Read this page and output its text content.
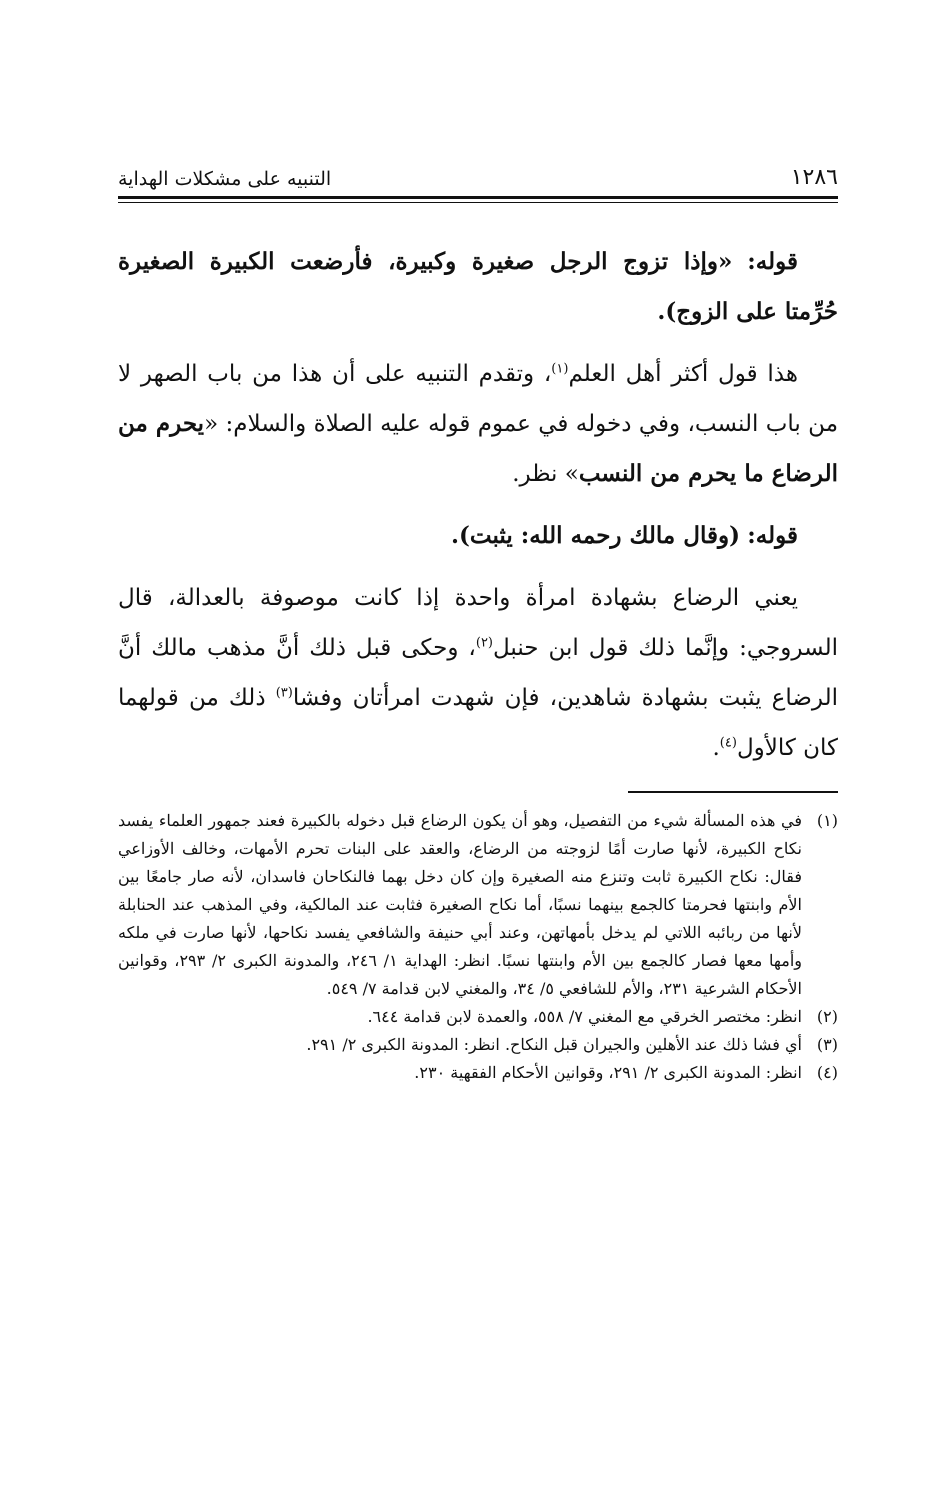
١٢٨٦
التنبيه على مشكلات الهداية

قوله: «وإذا تزوج الرجل صغيرة وكبيرة، فأرضعت الكبيرة الصغيرة حُرِّمتا على الزوج).

هذا قول أكثر أهل العلم$^{(١)}$، وتقدم التنبيه على أن هذا من باب الصهر لا من باب النسب، وفي دخوله في عموم قوله عليه الصلاة والسلام: «يحرم من الرضاع ما يحرم من النسب» نظر.

قوله: (وقال مالك رحمه الله: يثبت).

يعني الرضاع بشهادة امرأة واحدة إذا كانت موصوفة بالعدالة، قال السروجي: وإنَّما ذلك قول ابن حنبل$^{(٢)}$، وحكى قبل ذلك أنَّ مذهب مالك أنَّ الرضاع يثبت بشهادة شاهدين، فإن شهدت امرأتان وفشا$^{(٣)}$ ذلك من قولهما كان كالأول$^{(٤)}$.

(١)
في هذه المسألة شيء من التفصيل، وهو أن يكون الرضاع قبل دخوله بالكبيرة فعند جمهور العلماء يفسد نكاح الكبيرة، لأنها صارت أمًا لزوجته من الرضاع، والعقد على البنات تحرم الأمهات، وخالف الأوزاعي فقال: نكاح الكبيرة ثابت وتنزع منه الصغيرة وإن كان دخل بهما فالنكاحان فاسدان، لأنه صار جامعًا بين الأم وابنتها فحرمتا كالجمع بينهما نسبًا، أما نكاح الصغيرة فثابت عند المالكية، وفي المذهب عند الحنابلة لأنها من ربائبه اللاتي لم يدخل بأمهاتهن، وعند أبي حنيفة والشافعي يفسد نكاحها، لأنها صارت في ملكه وأمها معها فصار كالجمع بين الأم وابنتها نسبًا. انظر: الهداية ١/ ٢٤٦، والمدونة الكبرى ٢/ ٢٩٣، وقوانين الأحكام الشرعية ٢٣١، والأم للشافعي ٥/ ٣٤، والمغني لابن قدامة ٧/ ٥٤٩.
(٢)
انظر: مختصر الخرقي مع المغني ٧/ ٥٥٨، والعمدة لابن قدامة ٦٤٤.
(٣)
أي فشا ذلك عند الأهلين والجيران قبل النكاح. انظر: المدونة الكبرى ٢/ ٢٩١.
(٤)
انظر: المدونة الكبرى ٢/ ٢٩١، وقوانين الأحكام الفقهية ٢٣٠.
